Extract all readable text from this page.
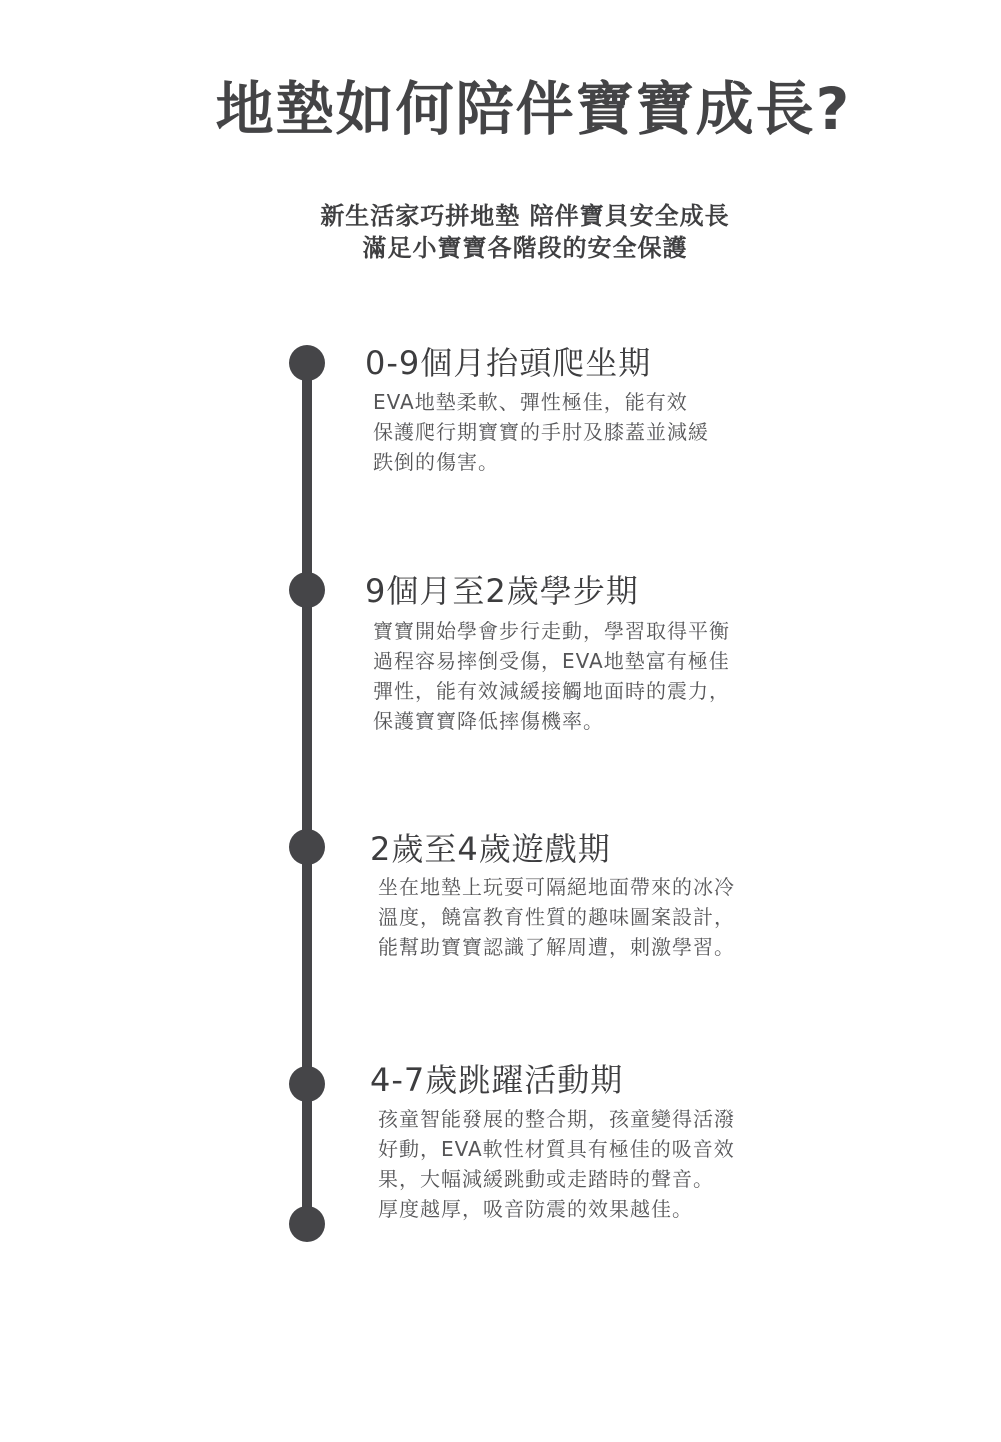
地墊如何陪伴寶寶成長?
新生活家巧拼地墊 陪伴寶貝安全成長
滿足小寶寶各階段的安全保護
0-9個月抬頭爬坐期
EVA地墊柔軟、彈性極佳，能有效
保護爬行期寶寶的手肘及膝蓋並減緩
跌倒的傷害。
9個月至2歲學步期
寶寶開始學會步行走動，學習取得平衡
過程容易摔倒受傷，EVA地墊富有極佳
彈性，能有效減緩接觸地面時的震力，
保護寶寶降低摔傷機率。
2歲至4歲遊戲期
坐在地墊上玩耍可隔絕地面帶來的冰冷
溫度，饒富教育性質的趣味圖案設計，
能幫助寶寶認識了解周遭，刺激學習。
4-7歲跳躍活動期
孩童智能發展的整合期，孩童變得活潑
好動，EVA軟性材質具有極佳的吸音效
果，大幅減緩跳動或走踏時的聲音。
厚度越厚，吸音防震的效果越佳。
